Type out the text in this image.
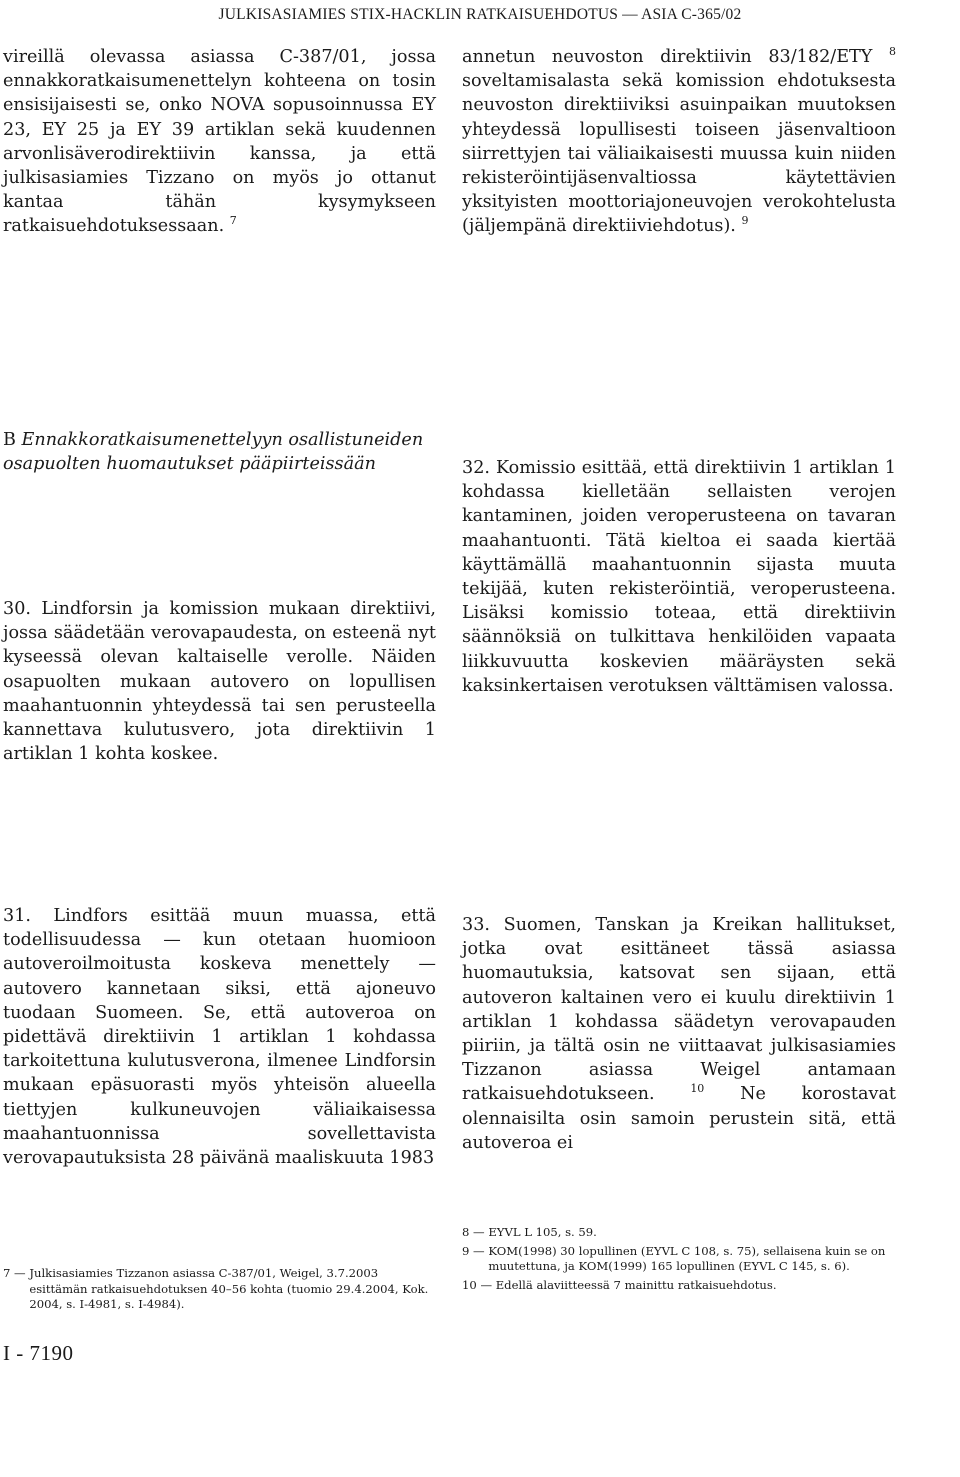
JULKISASIAMIES STIX-HACKLIN RATKAISUEHDOTUS — ASIA C-365/02

vireillä olevassa asiassa C-387/01, jossa ennakkoratkaisumenettelyn kohteena on tosin ensisijaisesti se, onko NOVA sopusoinnussa EY 23, EY 25 ja EY 39 artiklan sekä kuudennen arvonlisäverodirektiivin kanssa, ja että julkisasiamies Tizzano on myös jo ottanut kantaa tähän kysymykseen ratkaisuehdotuksessaan. $^7$

annetun neuvoston direktiivin 83/182/ETY $^8$ soveltamisalasta sekä komission ehdotuksesta neuvoston direktiiviksi asuinpaikan muutoksen yhteydessä lopullisesti toiseen jäsenvaltioon siirrettyjen tai väliaikaisesti muussa kuin niiden rekisteröintijäsenvaltiossa käytettävien yksityisten moottoriajoneuvojen verokohtelusta (jäljempänä direktiiviehdotus). $^9$

B Ennakkoratkaisumenettelyyn osallistuneiden osapuolten huomautukset pääpiirteissään

30. Lindforsin ja komission mukaan direktiivi, jossa säädetään verovapaudesta, on esteenä nyt kyseessä olevan kaltaiselle verolle. Näiden osapuolten mukaan autovero on lopullisen maahantuonnin yhteydessä tai sen perusteella kannettava kulutusvero, jota direktiivin 1 artiklan 1 kohta koskee.

32. Komissio esittää, että direktiivin 1 artiklan 1 kohdassa kielletään sellaisten verojen kantaminen, joiden veroperusteena on tavaran maahantuonti. Tätä kieltoa ei saada kiertää käyttämällä maahantuonnin sijasta muuta tekijää, kuten rekisteröintiä, veroperusteena. Lisäksi komissio toteaa, että direktiivin säännöksiä on tulkittava henkilöiden vapaata liikkuvuutta koskevien määräysten sekä kaksinkertaisen verotuksen välttämisen valossa.

31. Lindfors esittää muun muassa, että todellisuudessa — kun otetaan huomioon autoveroilmoitusta koskeva menettely — autovero kannetaan siksi, että ajoneuvo tuodaan Suomeen. Se, että autoveroa on pidettävä direktiivin 1 artiklan 1 kohdassa tarkoitettuna kulutusverona, ilmenee Lindforsin mukaan epäsuorasti myös yhteisön alueella tiettyjen kulkuneuvojen väliaikaisessa maahantuonnissa sovellettavista verovapautuksista 28 päivänä maaliskuuta 1983

33. Suomen, Tanskan ja Kreikan hallitukset, jotka ovat esittäneet tässä asiassa huomautuksia, katsovat sen sijaan, että autoveron kaltainen vero ei kuulu direktiivin 1 artiklan 1 kohdassa säädetyn verovapauden piiriin, ja tältä osin ne viittaavat julkisasiamies Tizzanon asiassa Weigel antamaan ratkaisuehdotukseen.	$^{10}$ Ne korostavat olennaisilta osin samoin perustein sitä, että autoveroa ei

7 — Julkisasiamies Tizzanon asiassa C-387/01, Weigel, 3.7.2003 esittämän ratkaisuehdotuksen 40–56 kohta (tuomio 29.4.2004, Kok. 2004, s. I-4981, s. I-4984).
8 — EYVL L 105, s. 59.
9 — KOM(1998) 30 lopullinen (EYVL C 108, s. 75), sellaisena kuin se on muutettuna, ja KOM(1999) 165 lopullinen (EYVL C 145, s. 6).
10 — Edellä alaviitteessä 7 mainittu ratkaisuehdotus.
I - 7190
